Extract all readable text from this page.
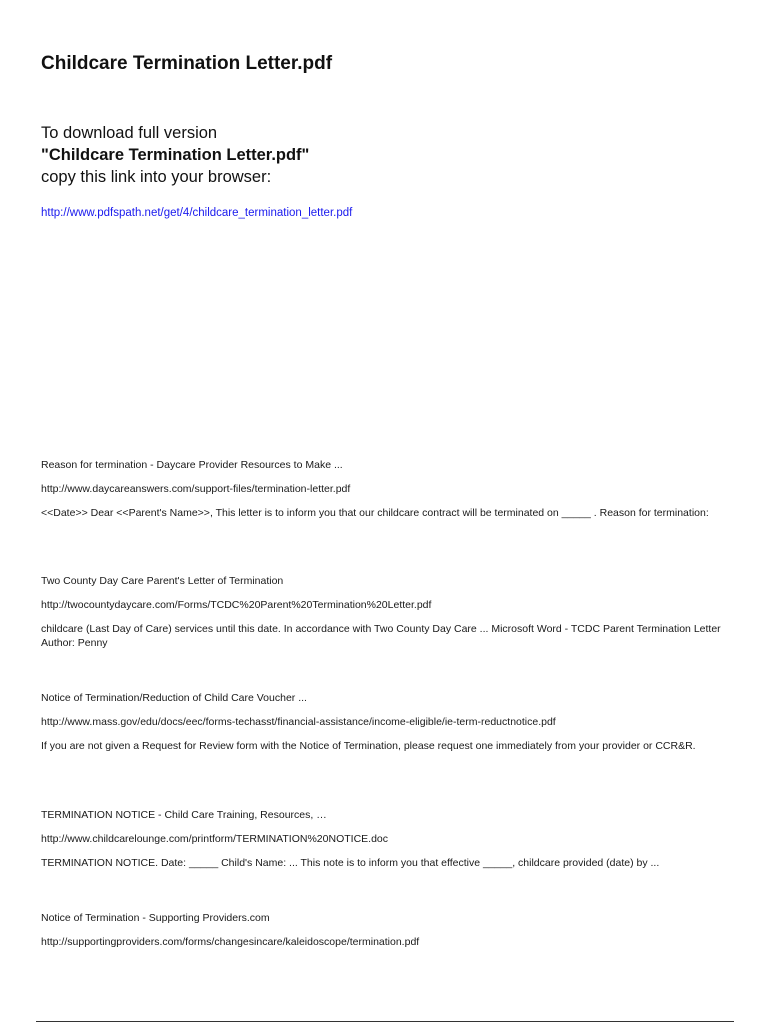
Childcare Termination Letter.pdf
To download full version
"Childcare Termination Letter.pdf"
copy this link into your browser:
http://www.pdfspath.net/get/4/childcare_termination_letter.pdf
Reason for termination - Daycare Provider Resources to Make ...
http://www.daycareanswers.com/support-files/termination-letter.pdf
<<Date>> Dear <<Parent's Name>>, This letter is to inform you that our childcare contract will be terminated on _____ . Reason for termination:
Two County Day Care Parent's Letter of Termination
http://twocountydaycare.com/Forms/TCDC%20Parent%20Termination%20Letter.pdf
childcare (Last Day of Care) services until this date. In accordance with Two County Day Care ... Microsoft Word - TCDC Parent Termination Letter Author: Penny
Notice of Termination/Reduction of Child Care Voucher ...
http://www.mass.gov/edu/docs/eec/forms-techasst/financial-assistance/income-eligible/ie-term-reductnotice.pdf
If you are not given a Request for Review form with the Notice of Termination, please request one immediately from your provider or CCR&R.
TERMINATION NOTICE - Child Care Training, Resources, …
http://www.childcarelounge.com/printform/TERMINATION%20NOTICE.doc
TERMINATION NOTICE. Date: _____ Child's Name: ... This note is to inform you that effective _____, childcare provided (date) by ...
Notice of Termination - Supporting Providers.com
http://supportingproviders.com/forms/changesincare/kaleidoscope/termination.pdf
